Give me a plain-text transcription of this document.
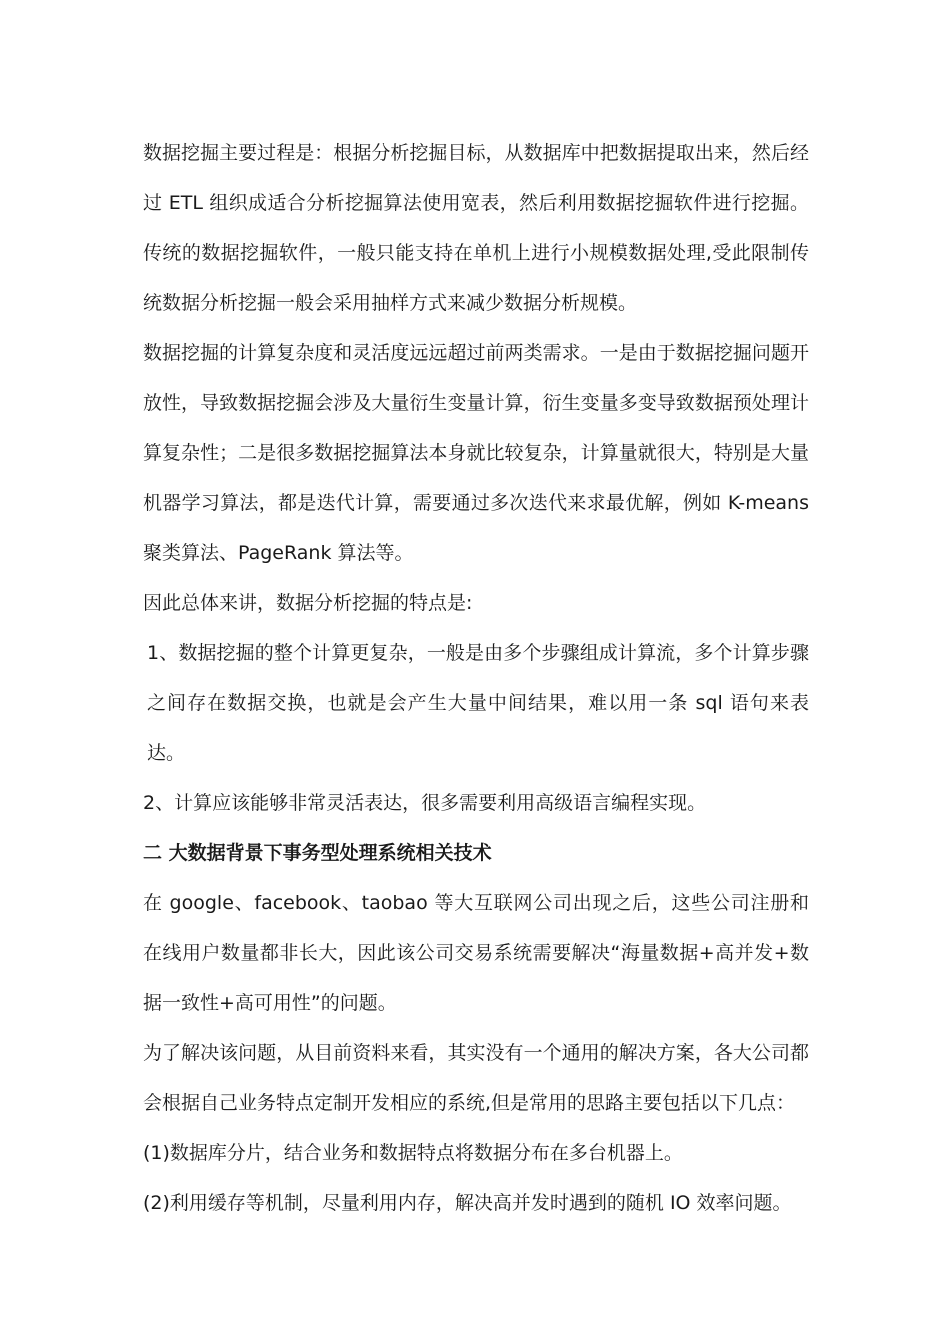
数据挖掘主要过程是：根据分析挖掘目标，从数据库中把数据提取出来，然后经过 ETL 组织成适合分析挖掘算法使用宽表，然后利用数据挖掘软件进行挖掘。传统的数据挖掘软件，一般只能支持在单机上进行小规模数据处理,受此限制传统数据分析挖掘一般会采用抽样方式来减少数据分析规模。

数据挖掘的计算复杂度和灵活度远远超过前两类需求。一是由于数据挖掘问题开放性，导致数据挖掘会涉及大量衍生变量计算，衍生变量多变导致数据预处理计算复杂性；二是很多数据挖掘算法本身就比较复杂，计算量就很大，特别是大量机器学习算法，都是迭代计算，需要通过多次迭代来求最优解，例如 K-means 聚类算法、PageRank 算法等。

因此总体来讲，数据分析挖掘的特点是:

1、数据挖掘的整个计算更复杂，一般是由多个步骤组成计算流，多个计算步骤之间存在数据交换，也就是会产生大量中间结果，难以用一条 sql 语句来表达。

2、计算应该能够非常灵活表达，很多需要利用高级语言编程实现。

二 大数据背景下事务型处理系统相关技术

在 google、facebook、taobao 等大互联网公司出现之后，这些公司注册和在线用户数量都非长大，因此该公司交易系统需要解决“海量数据+高并发+数据一致性+高可用性”的问题。

为了解决该问题，从目前资料来看，其实没有一个通用的解决方案，各大公司都会根据自己业务特点定制开发相应的系统,但是常用的思路主要包括以下几点：

(1)数据库分片，结合业务和数据特点将数据分布在多台机器上。

(2)利用缓存等机制，尽量利用内存，解决高并发时遇到的随机 IO 效率问题。
